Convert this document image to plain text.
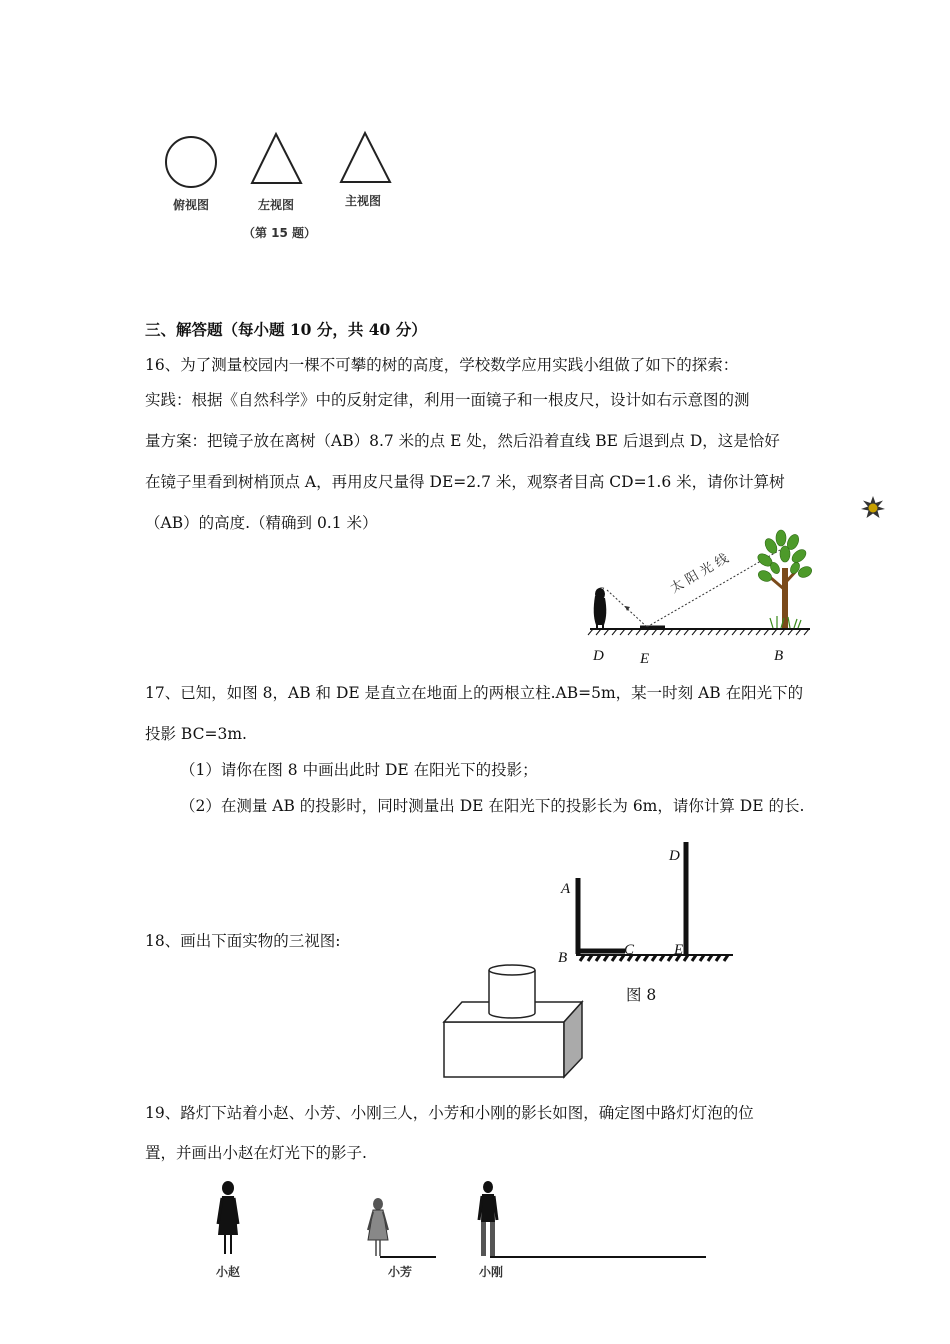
俯视图	左视图	主视图
（第 15 题）
三、解答题（每小题 10 分，共 40 分）
16、为了测量校园内一棵不可攀的树的高度，学校数学应用实践小组做了如下的探索：
实践：根据《自然科学》中的反射定律，利用一面镜子和一根皮尺，设计如右示意图的测
量方案：把镜子放在离树（AB）8.7 米的点 E 处，然后沿着直线 BE 后退到点 D，这是恰好
在镜子里看到树梢顶点 A，再用皮尺量得 DE=2.7 米，观察者目高 CD=1.6 米，请你计算树
（AB）的高度.（精确到 0.1 米）
C	太 阳 光 线
D E	B
17、已知，如图 8，AB 和 DE 是直立在地面上的两根立柱.AB=5m，某一时刻 AB 在阳光下的
投影 BC=3m.
（1）请你在图 8 中画出此时 DE 在阳光下的投影；
（2）在测量 AB 的投影时，同时测量出 DE 在阳光下的投影长为 6m，请你计算 DE 的长.
A
B	C
D
E
图 8
18、画出下面实物的三视图:
19、路灯下站着小赵、小芳、小刚三人，小芳和小刚的影长如图，确定图中路灯灯泡的位
置，并画出小赵在灯光下的影子.
小赵	小芳	小刚
